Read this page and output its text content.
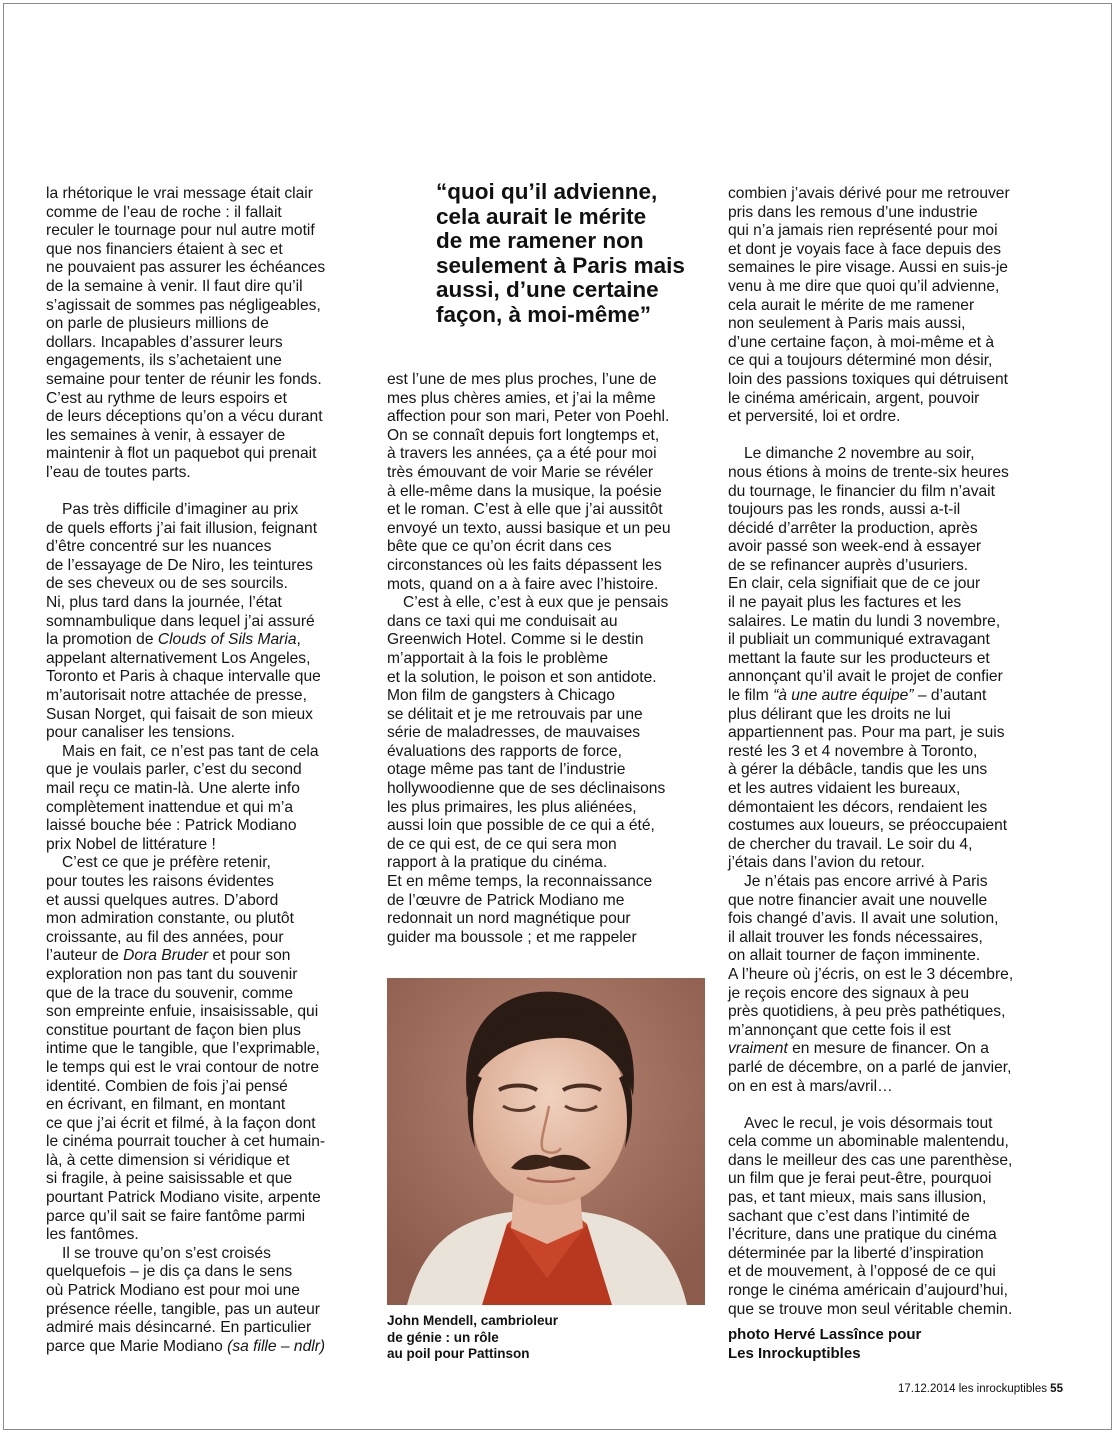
la rhétorique le vrai message était clair

comme de l’eau de roche : il fallait

reculer le tournage pour nul autre motif

que nos financiers étaient à sec et

ne pouvaient pas assurer les échéances

de la semaine à venir. Il faut dire qu’il

s’agissait de sommes pas négligeables,

on parle de plusieurs millions de

dollars. Incapables d’assurer leurs

engagements, ils s’achetaient une

semaine pour tenter de réunir les fonds.

C’est au rythme de leurs espoirs et

de leurs déceptions qu’on a vécu durant

les semaines à venir, à essayer de

maintenir à flot un paquebot qui prenait

l’eau de toutes parts.

Pas très difficile d’imaginer au prix

de quels efforts j’ai fait illusion, feignant

d’être concentré sur les nuances

de l’essayage de De Niro, les teintures

de ses cheveux ou de ses sourcils.

Ni, plus tard dans la journée, l’état

somnambulique dans lequel j’ai assuré

la promotion de Clouds of Sils Maria,

appelant alternativement Los Angeles,

Toronto et Paris à chaque intervalle que

m’autorisait notre attachée de presse,

Susan Norget, qui faisait de son mieux

pour canaliser les tensions.

Mais en fait, ce n’est pas tant de cela

que je voulais parler, c’est du second

mail reçu ce matin-là. Une alerte info

complètement inattendue et qui m’a

laissé bouche bée : Patrick Modiano

prix Nobel de littérature !

C’est ce que je préfère retenir,

pour toutes les raisons évidentes

et aussi quelques autres. D’abord

mon admiration constante, ou plutôt

croissante, au fil des années, pour

l’auteur de Dora Bruder et pour son

exploration non pas tant du souvenir

que de la trace du souvenir, comme

son empreinte enfuie, insaisissable, qui

constitue pourtant de façon bien plus

intime que le tangible, que l’exprimable,

le temps qui est le vrai contour de notre

identité. Combien de fois j’ai pensé

en écrivant, en filmant, en montant

ce que j’ai écrit et filmé, à la façon dont

le cinéma pourrait toucher à cet humain-

là, à cette dimension si véridique et

si fragile, à peine saisissable et que

pourtant Patrick Modiano visite, arpente

parce qu’il sait se faire fantôme parmi

les fantômes.

Il se trouve qu’on s’est croisés

quelquefois – je dis ça dans le sens

où Patrick Modiano est pour moi une

présence réelle, tangible, pas un auteur

admiré mais désincarné. En particulier

parce que Marie Modiano (sa fille – ndlr)

“quoi qu’il advienne,

cela aurait le mérite

de me ramener non

seulement à Paris mais

aussi, d’une certaine

façon, à moi-même”

est l’une de mes plus proches, l’une de

mes plus chères amies, et j’ai la même

affection pour son mari, Peter von Poehl.

On se connaît depuis fort longtemps et,

à travers les années, ça a été pour moi

très émouvant de voir Marie se révéler

à elle-même dans la musique, la poésie

et le roman. C’est à elle que j’ai aussitôt

envoyé un texto, aussi basique et un peu

bête que ce qu’on écrit dans ces

circonstances où les faits dépassent les

mots, quand on a à faire avec l’histoire.

C’est à elle, c’est à eux que je pensais

dans ce taxi qui me conduisait au

Greenwich Hotel. Comme si le destin

m’apportait à la fois le problème

et la solution, le poison et son antidote.

Mon film de gangsters à Chicago

se délitait et je me retrouvais par une

série de maladresses, de mauvaises

évaluations des rapports de force,

otage même pas tant de l’industrie

hollywoodienne que de ses déclinaisons

les plus primaires, les plus aliénées,

aussi loin que possible de ce qui a été,

de ce qui est, de ce qui sera mon

rapport à la pratique du cinéma.

Et en même temps, la reconnaissance

de l’œuvre de Patrick Modiano me

redonnait un nord magnétique pour

guider ma boussole ; et me rappeler

John Mendell, cambrioleur

de génie : un rôle

au poil pour Pattinson

combien j’avais dérivé pour me retrouver

pris dans les remous d’une industrie

qui n’a jamais rien représenté pour moi

et dont je voyais face à face depuis des

semaines le pire visage. Aussi en suis-je

venu à me dire que quoi qu’il advienne,

cela aurait le mérite de me ramener

non seulement à Paris mais aussi,

d’une certaine façon, à moi-même et à

ce qui a toujours déterminé mon désir,

loin des passions toxiques qui détruisent

le cinéma américain, argent, pouvoir

et perversité, loi et ordre.

Le dimanche 2 novembre au soir,

nous étions à moins de trente-six heures

du tournage, le financier du film n’avait

toujours pas les ronds, aussi a-t-il

décidé d’arrêter la production, après

avoir passé son week-end à essayer

de se refinancer auprès d’usuriers.

En clair, cela signifiait que de ce jour

il ne payait plus les factures et les

salaires. Le matin du lundi 3 novembre,

il publiait un communiqué extravagant

mettant la faute sur les producteurs et

annonçant qu’il avait le projet de confier

le film “à une autre équipe” – d’autant

plus délirant que les droits ne lui

appartiennent pas. Pour ma part, je suis

resté les 3 et 4 novembre à Toronto,

à gérer la débâcle, tandis que les uns

et les autres vidaient les bureaux,

démontaient les décors, rendaient les

costumes aux loueurs, se préoccupaient

de chercher du travail. Le soir du 4,

j’étais dans l’avion du retour.

Je n’étais pas encore arrivé à Paris

que notre financier avait une nouvelle

fois changé d’avis. Il avait une solution,

il allait trouver les fonds nécessaires,

on allait tourner de façon imminente.

A l’heure où j’écris, on est le 3 décembre,

je reçois encore des signaux à peu

près quotidiens, à peu près pathétiques,

m’annonçant que cette fois il est

vraiment en mesure de financer. On a

parlé de décembre, on a parlé de janvier,

on en est à mars/avril…

Avec le recul, je vois désormais tout

cela comme un abominable malentendu,

dans le meilleur des cas une parenthèse,

un film que je ferai peut-être, pourquoi

pas, et tant mieux, mais sans illusion,

sachant que c’est dans l’intimité de

l’écriture, dans une pratique du cinéma

déterminée par la liberté d’inspiration

et de mouvement, à l’opposé de ce qui

ronge le cinéma américain d’aujourd’hui,

que se trouve mon seul véritable chemin.

photo Hervé Lassînce pour

Les Inrockuptibles

17.12.2014 les inrockuptibles 55
